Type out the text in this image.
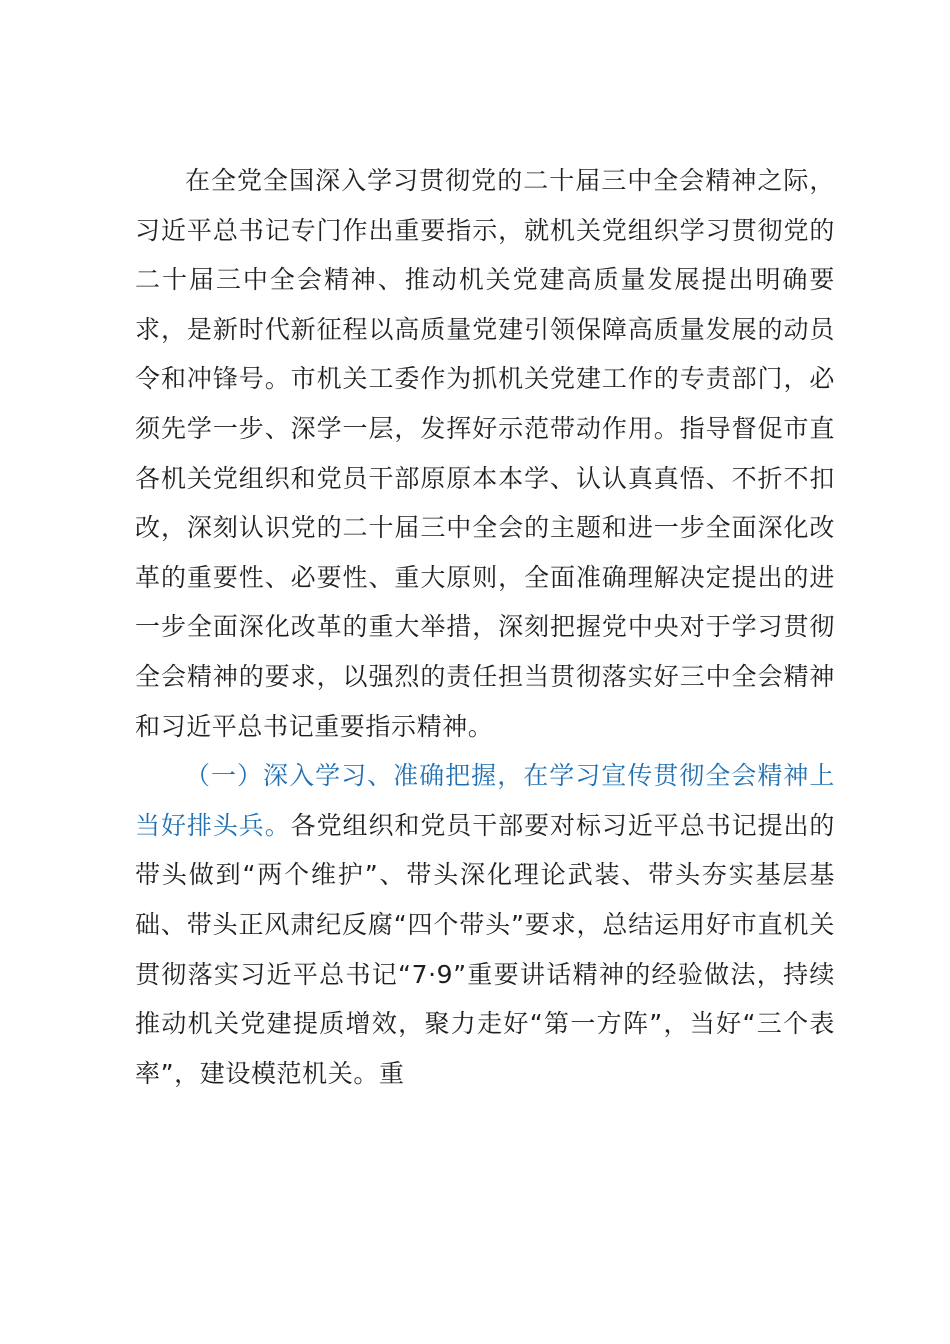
在全党全国深入学习贯彻党的二十届三中全会精神之际，习近平总书记专门作出重要指示，就机关党组织学习贯彻党的二十届三中全会精神、推动机关党建高质量发展提出明确要求，是新时代新征程以高质量党建引领保障高质量发展的动员令和冲锋号。市机关工委作为抓机关党建工作的专责部门，必须先学一步、深学一层，发挥好示范带动作用。指导督促市直各机关党组织和党员干部原原本本学、认认真真悟、不折不扣改，深刻认识党的二十届三中全会的主题和进一步全面深化改革的重要性、必要性、重大原则，全面准确理解决定提出的进一步全面深化改革的重大举措，深刻把握党中央对于学习贯彻全会精神的要求，以强烈的责任担当贯彻落实好三中全会精神和习近平总书记重要指示精神。

（一）深入学习、准确把握，在学习宣传贯彻全会精神上当好排头兵。各党组织和党员干部要对标习近平总书记提出的带头做到“两个维护”、带头深化理论武装、带头夯实基层基础、带头正风肃纪反腐“四个带头”要求，总结运用好市直机关贯彻落实习近平总书记“7·9”重要讲话精神的经验做法，持续推动机关党建提质增效，聚力走好“第一方阵”，当好“三个表率”，建设模范机关。重
